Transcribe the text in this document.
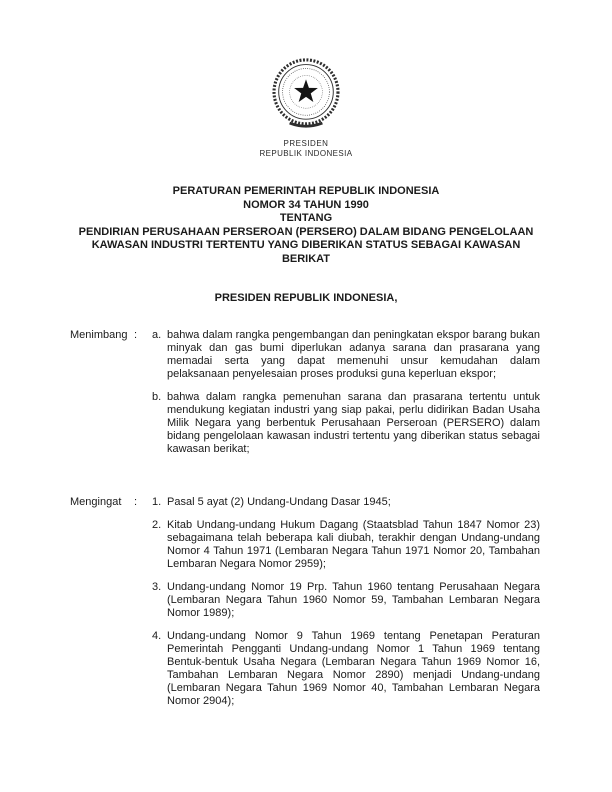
PRESIDEN
REPUBLIK INDONESIA
PERATURAN PEMERINTAH REPUBLIK INDONESIA
NOMOR 34 TAHUN 1990
TENTANG
PENDIRIAN PERUSAHAAN PERSEROAN (PERSERO) DALAM BIDANG PENGELOLAAN
KAWASAN INDUSTRI TERTENTU YANG DIBERIKAN STATUS SEBAGAI KAWASAN
BERIKAT
PRESIDEN REPUBLIK INDONESIA,
Menimbang :	a. bahwa dalam rangka pengembangan dan peningkatan ekspor barang bukan minyak dan gas bumi diperlukan adanya sarana dan prasarana yang memadai serta yang dapat memenuhi unsur kemudahan dalam pelaksanaan penyelesaian proses produksi guna keperluan ekspor;
b. bahwa dalam rangka pemenuhan sarana dan prasarana tertentu untuk mendukung kegiatan industri yang siap pakai, perlu didirikan Badan Usaha Milik Negara yang berbentuk Perusahaan Perseroan (PERSERO) dalam bidang pengelolaan kawasan industri tertentu yang diberikan status sebagai kawasan berikat;
Mengingat	:	1. Pasal 5 ayat (2) Undang-Undang Dasar 1945;
2. Kitab Undang-undang Hukum Dagang (Staatsblad Tahun 1847 Nomor 23) sebagaimana telah beberapa kali diubah, terakhir dengan Undang-undang Nomor 4 Tahun 1971 (Lembaran Negara Tahun 1971 Nomor 20, Tambahan Lembaran Negara Nomor 2959);
3. Undang-undang Nomor 19 Prp. Tahun 1960 tentang Perusahaan Negara (Lembaran Negara Tahun 1960 Nomor 59, Tambahan Lembaran Negara Nomor 1989);
4. Undang-undang Nomor 9 Tahun 1969 tentang Penetapan Peraturan Pemerintah Pengganti Undang-undang Nomor 1 Tahun 1969 tentang Bentuk-bentuk Usaha Negara (Lembaran Negara Tahun 1969 Nomor 16, Tambahan Lembaran Negara Nomor 2890) menjadi Undang-undang (Lembaran Negara Tahun 1969 Nomor 40, Tambahan Lembaran Negara Nomor 2904);
